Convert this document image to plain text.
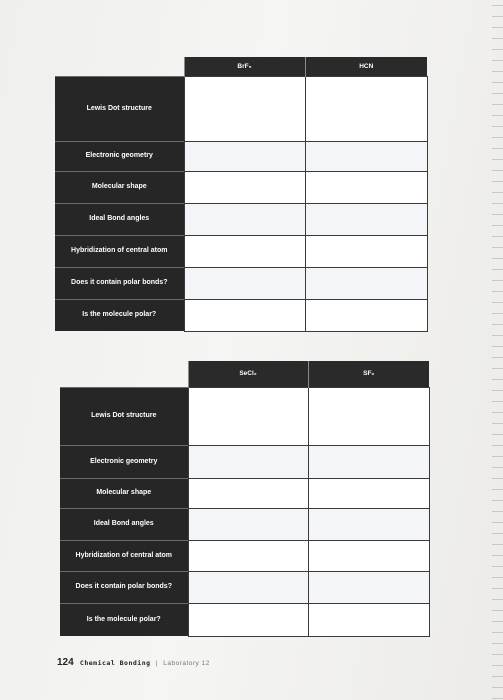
	BrF₅	HCN
Lewis Dot structure		
Electronic geometry		
Molecular shape		
Ideal Bond angles		
Hybridization of central atom		
Does it contain polar bonds?		
Is the molecule polar?		
	SeCl₂	SF₆
Lewis Dot structure		
Electronic geometry		
Molecular shape		
Ideal Bond angles		
Hybridization of central atom		
Does it contain polar bonds?		
Is the molecule polar?		
124 Chemical Bonding | Laboratory 12
